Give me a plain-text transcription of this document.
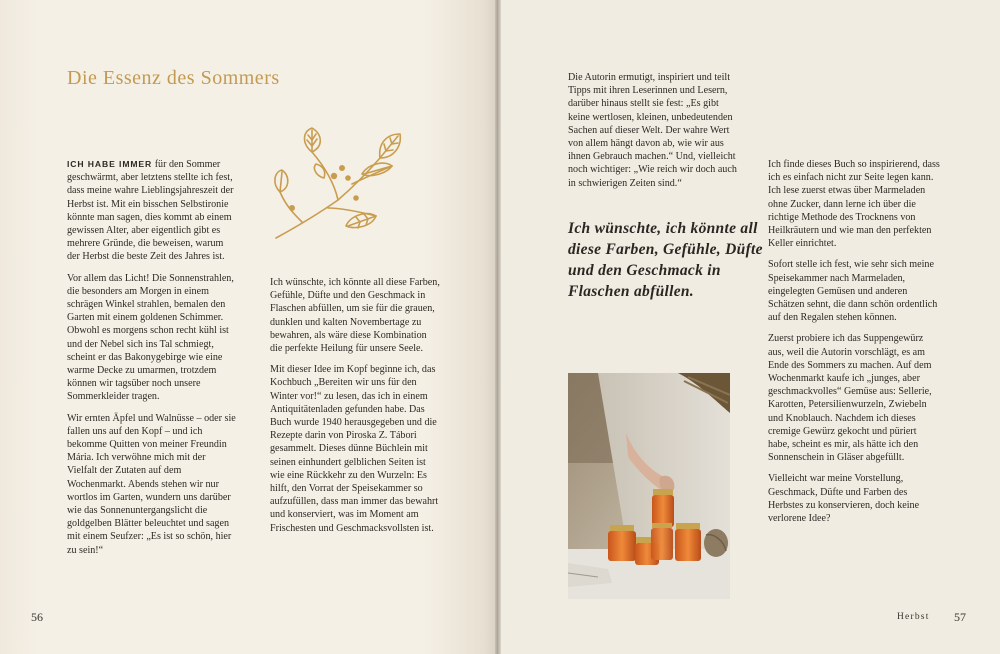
Die Essenz des Sommers

ICH HABE IMMER für den Sommer geschwärmt, aber letztens stellte ich fest, dass meine wahre Lieblingsjahreszeit der Herbst ist. Mit ein bisschen Selbstironie könnte man sagen, dies kommt ab einem gewissen Alter, aber eigentlich gibt es mehrere Gründe, die beweisen, warum der Herbst die beste Zeit des Jahres ist.

Vor allem das Licht! Die Sonnenstrahlen, die besonders am Morgen in einem schrägen Winkel strahlen, bemalen den Garten mit einem goldenen Schimmer. Obwohl es morgens schon recht kühl ist und der Nebel sich ins Tal schmiegt, scheint er das Bakonygebirge wie eine warme Decke zu umarmen, trotzdem können wir tagsüber noch unsere Sommerkleider tragen.

Wir ernten Äpfel und Walnüsse – oder sie fallen uns auf den Kopf – und ich bekomme Quitten von meiner Freundin Mária. Ich verwöhne mich mit der Vielfalt der Zutaten auf dem Wochenmarkt. Abends stehen wir nur wortlos im Garten, wundern uns darüber wie das Sonnenuntergangslicht die goldgelben Blätter beleuchtet und sagen mit einem Seufzer: „Es ist so schön, hier zu sein!“

Ich wünschte, ich könnte all diese Farben, Gefühle, Düfte und den Geschmack in Flaschen abfüllen, um sie für die grauen, dunklen und kalten Novembertage zu bewahren, als wäre diese Kombination die perfekte Heilung für unsere Seele.

Mit dieser Idee im Kopf beginne ich, das Kochbuch „Bereiten wir uns für den Winter vor!“ zu lesen, das ich in einem Antiquitätenladen gefunden habe. Das Buch wurde 1940 herausgegeben und die Rezepte darin von Piroska Z. Tábori gesammelt. Dieses dünne Büchlein mit seinen einhundert gelblichen Seiten ist wie eine Rückkehr zu den Wurzeln: Es hilft, den Vorrat der Speisekammer so aufzufüllen, dass man immer das bewahrt und konserviert, was im Moment am Frischesten und Geschmacksvollsten ist.

56

Die Autorin ermutigt, inspiriert und teilt Tipps mit ihren Leserinnen und Lesern, darüber hinaus stellt sie fest: „Es gibt keine wertlosen, kleinen, unbedeutenden Sachen auf dieser Welt. Der wahre Wert von allem hängt davon ab, wie wir aus ihnen Gebrauch machen.“ Und, vielleicht noch wichtiger: „Wie reich wir doch auch in schwierigen Zeiten sind.“

Ich wünschte, ich könnte all diese Farben, Gefühle, Düfte und den Geschmack in Flaschen abfüllen.

Ich finde dieses Buch so inspirierend, dass ich es einfach nicht zur Seite legen kann. Ich lese zuerst etwas über Marmeladen ohne Zucker, dann lerne ich über die richtige Methode des Trocknens von Heilkräutern und wie man den perfekten Keller einrichtet.

Sofort stelle ich fest, wie sehr sich meine Speisekammer nach Marmeladen, eingelegten Gemüsen und anderen Schätzen sehnt, die dann schön ordentlich auf den Regalen stehen können.

Zuerst probiere ich das Suppengewürz aus, weil die Autorin vorschlägt, es am Ende des Sommers zu machen. Auf dem Wochenmarkt kaufe ich „junges, aber geschmackvolles“ Gemüse aus: Sellerie, Karotten, Petersilienwurzeln, Zwiebeln und Knoblauch. Nachdem ich dieses cremige Gewürz gekocht und püriert habe, scheint es mir, als hätte ich den Sonnenschein in Gläser abgefüllt.

Vielleicht war meine Vorstellung, Geschmack, Düfte und Farben des Herbstes zu konservieren, doch keine verlorene Idee?

Herbst 57
